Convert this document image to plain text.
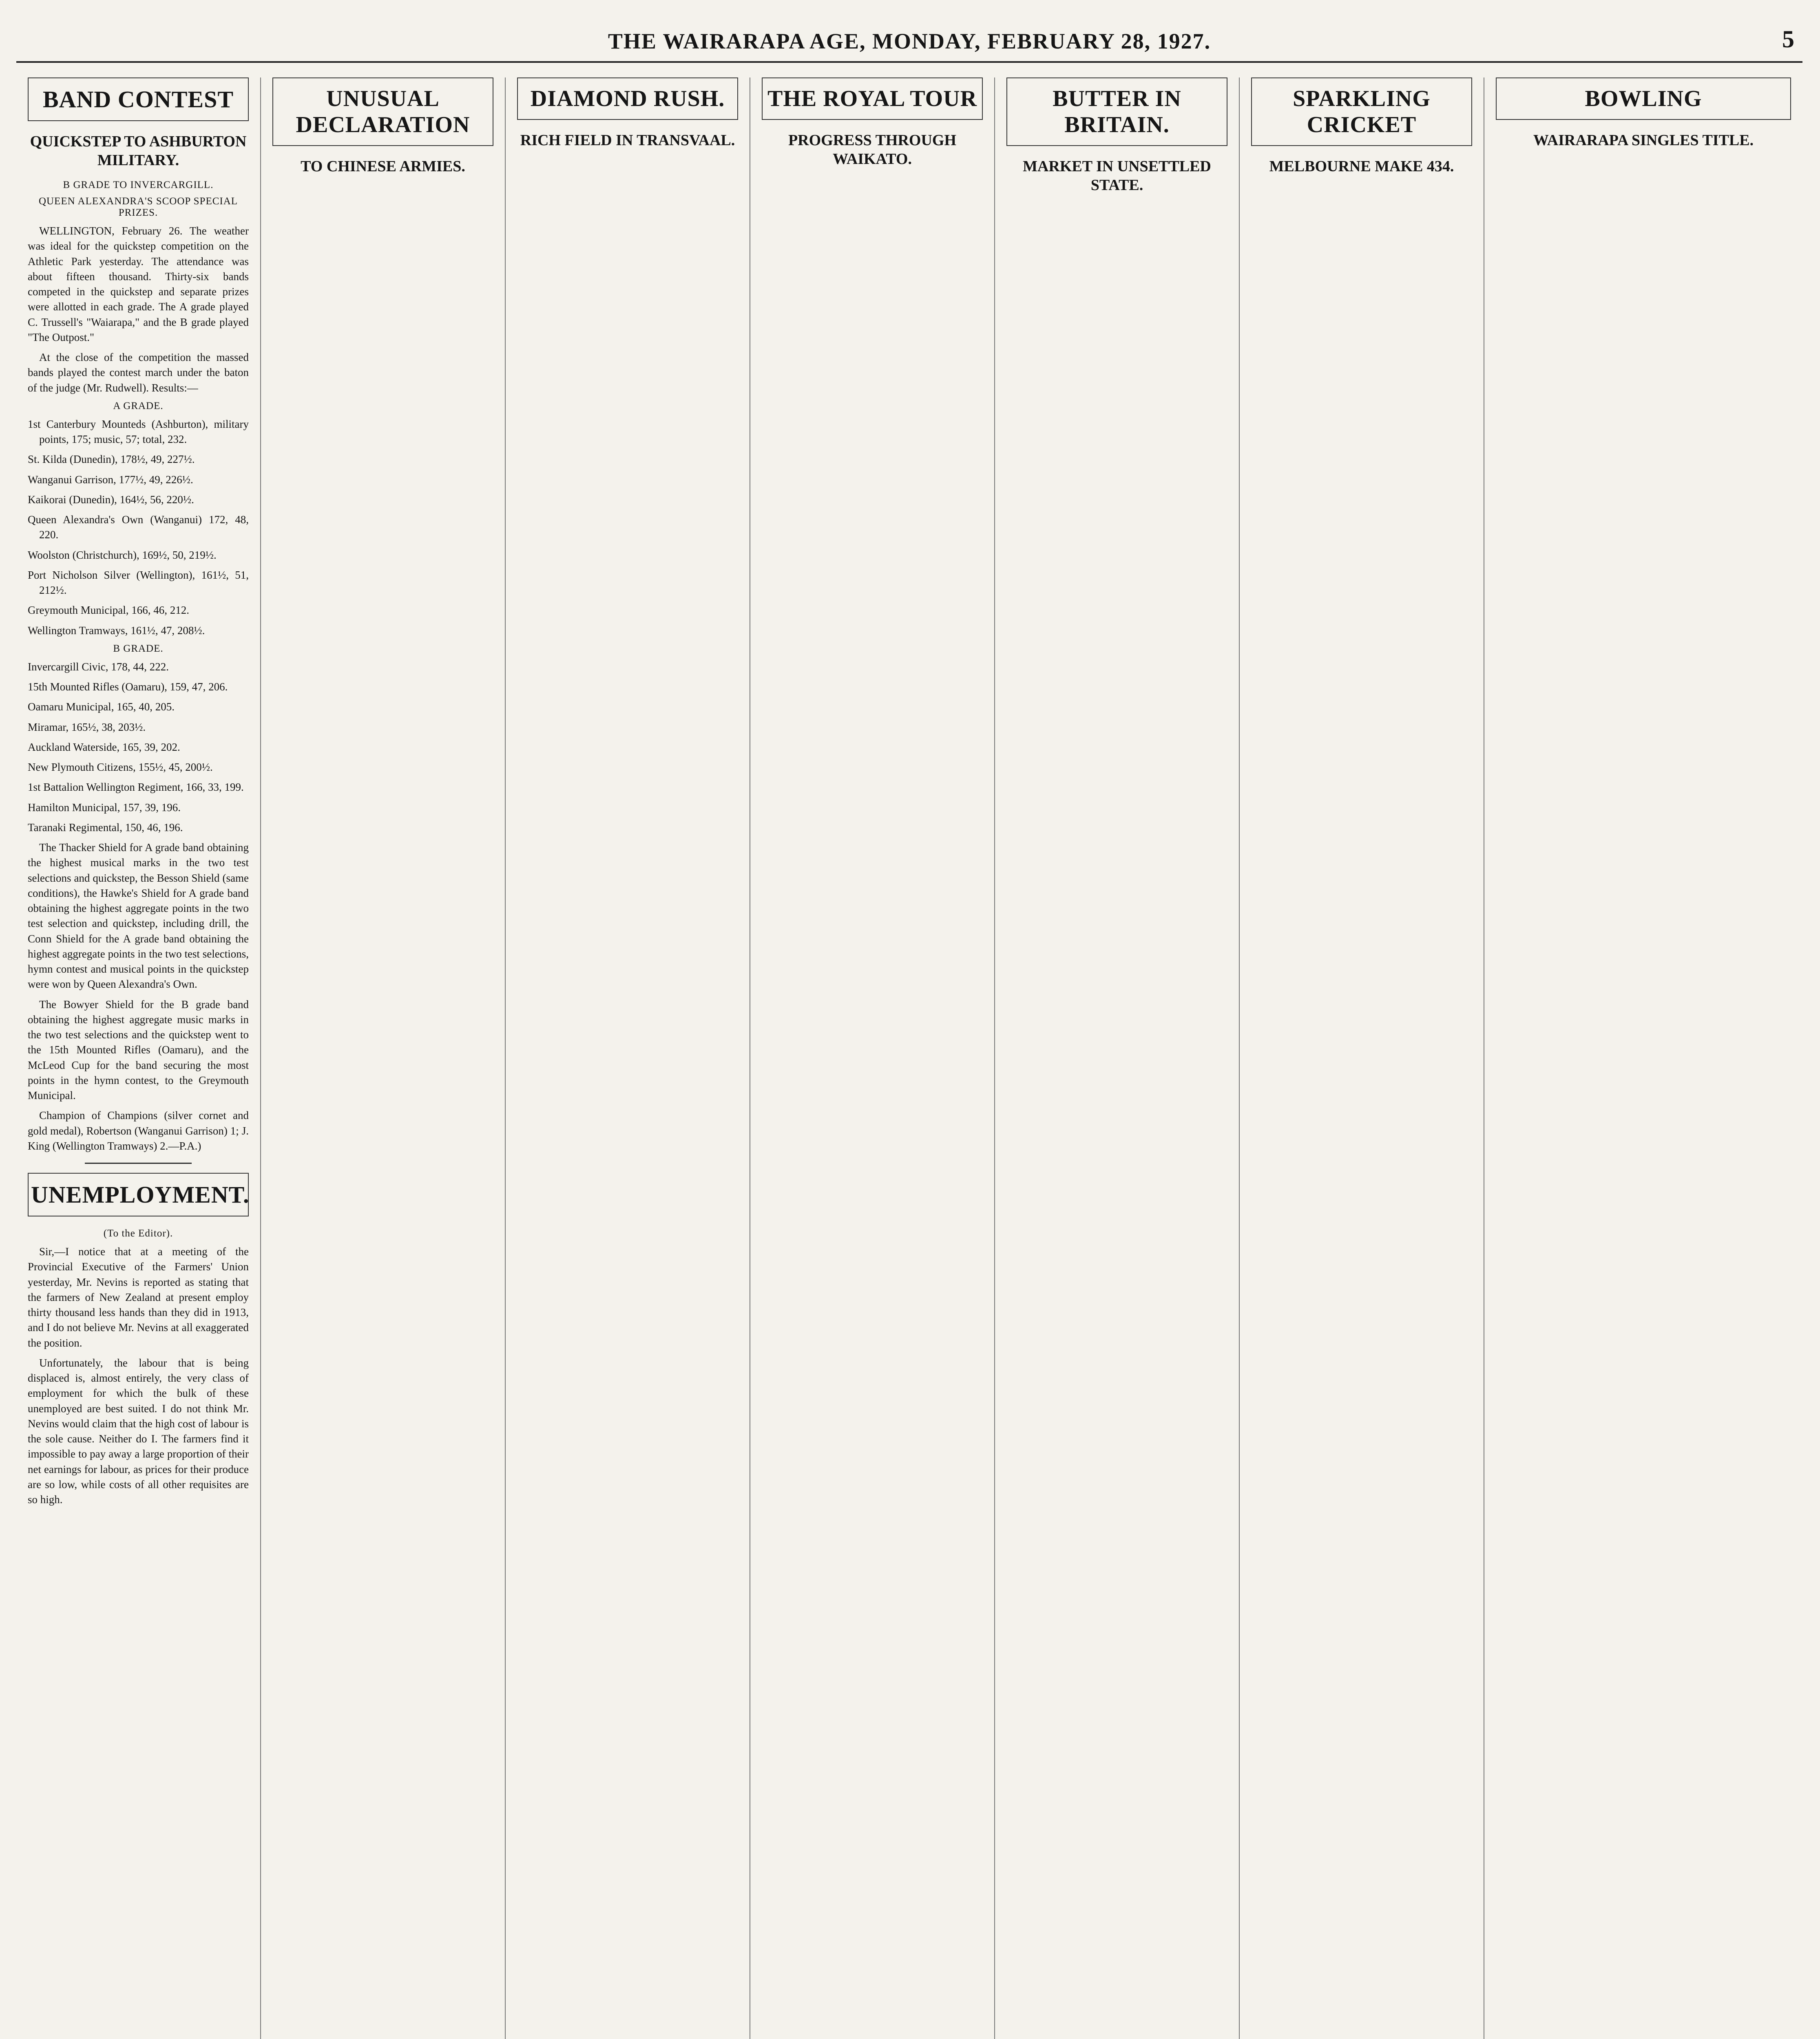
THE WAIRARAPA AGE, MONDAY, FEBRUARY 28, 1927.	5
BAND CONTEST
QUICKSTEP TO ASHBURTON MILITARY.
B GRADE TO INVERCARGILL.
QUEEN ALEXANDRA'S SCOOP SPECIAL PRIZES.

WELLINGTON, February 26. The weather was ideal for the quickstep competition on the Athletic Park yesterday. The attendance was about fifteen thousand. Thirty-six bands competed in the quickstep and separate prizes were allotted in each grade. The A grade played C. Trussell's "Waiarapa," and the B grade played "The Outpost."

At the close of the competition the massed bands played the contest march under the baton of the judge (Mr. Rudwell). Results:—

A GRADE.

1st Canterbury Mounteds (Ashburton), military points, 175; music, 57; total, 232.

St. Kilda (Dunedin), 178½, 49, 227½.

Wanganui Garrison, 177½, 49, 226½.

Kaikorai (Dunedin), 164½, 56, 220½.

Queen Alexandra's Own (Wanganui) 172, 48, 220.

Woolston (Christchurch), 169½, 50, 219½.

Port Nicholson Silver (Wellington), 161½, 51, 212½.

Greymouth Municipal, 166, 46, 212.

Wellington Tramways, 161½, 47, 208½.

B GRADE.

Invercargill Civic, 178, 44, 222.

15th Mounted Rifles (Oamaru), 159, 47, 206.

Oamaru Municipal, 165, 40, 205.

Miramar, 165½, 38, 203½.

Auckland Waterside, 165, 39, 202.

New Plymouth Citizens, 155½, 45, 200½.

1st Battalion Wellington Regiment, 166, 33, 199.

Hamilton Municipal, 157, 39, 196.

Taranaki Regimental, 150, 46, 196.

The Thacker Shield for A grade band obtaining the highest musical marks in the two test selections and quickstep, the Besson Shield (same conditions), the Hawke's Shield for A grade band obtaining the highest aggregate points in the two test selection and quickstep, including drill, the Conn Shield for the A grade band obtaining the highest aggregate points in the two test selections, hymn contest and musical points in the quickstep were won by Queen Alexandra's Own.

The Bowyer Shield for the B grade band obtaining the highest aggregate music marks in the two test selections and the quickstep went to the 15th Mounted Rifles (Oamaru), and the McLeod Cup for the band securing the most points in the hymn contest, to the Greymouth Municipal.

Champion of Champions (silver cornet and gold medal), Robertson (Wanganui Garrison) 1; J. King (Wellington Tramways) 2.—P.A.)

UNEMPLOYMENT.
(To the Editor).

Sir,—I notice that at a meeting of the Provincial Executive of the Farmers' Union yesterday, Mr. Nevins is reported as stating that the farmers of New Zealand at present employ thirty thousand less hands than they did in 1913, and I do not believe Mr. Nevins at all exaggerated the position.

Unfortunately, the labour that is being displaced is, almost entirely, the very class of employment for which the bulk of these unemployed are best suited. I do not think Mr. Nevins would claim that the high cost of labour is the sole cause. Neither do I. The farmers find it impossible to pay away a large proportion of their net earnings for labour, as prices for their produce are so low, while costs of all other requisites are so high.

UNUSUAL DECLARATION
TO CHINESE ARMIES.
DIAMOND RUSH.
RICH FIELD IN TRANSVAAL.
THE ROYAL TOUR
PROGRESS THROUGH WAIKATO.
BUTTER IN BRITAIN.
MARKET IN UNSETTLED STATE.
SPARKLING CRICKET
MELBOURNE MAKE 434.
BOWLING
WAIRARAPA SINGLES TITLE.
